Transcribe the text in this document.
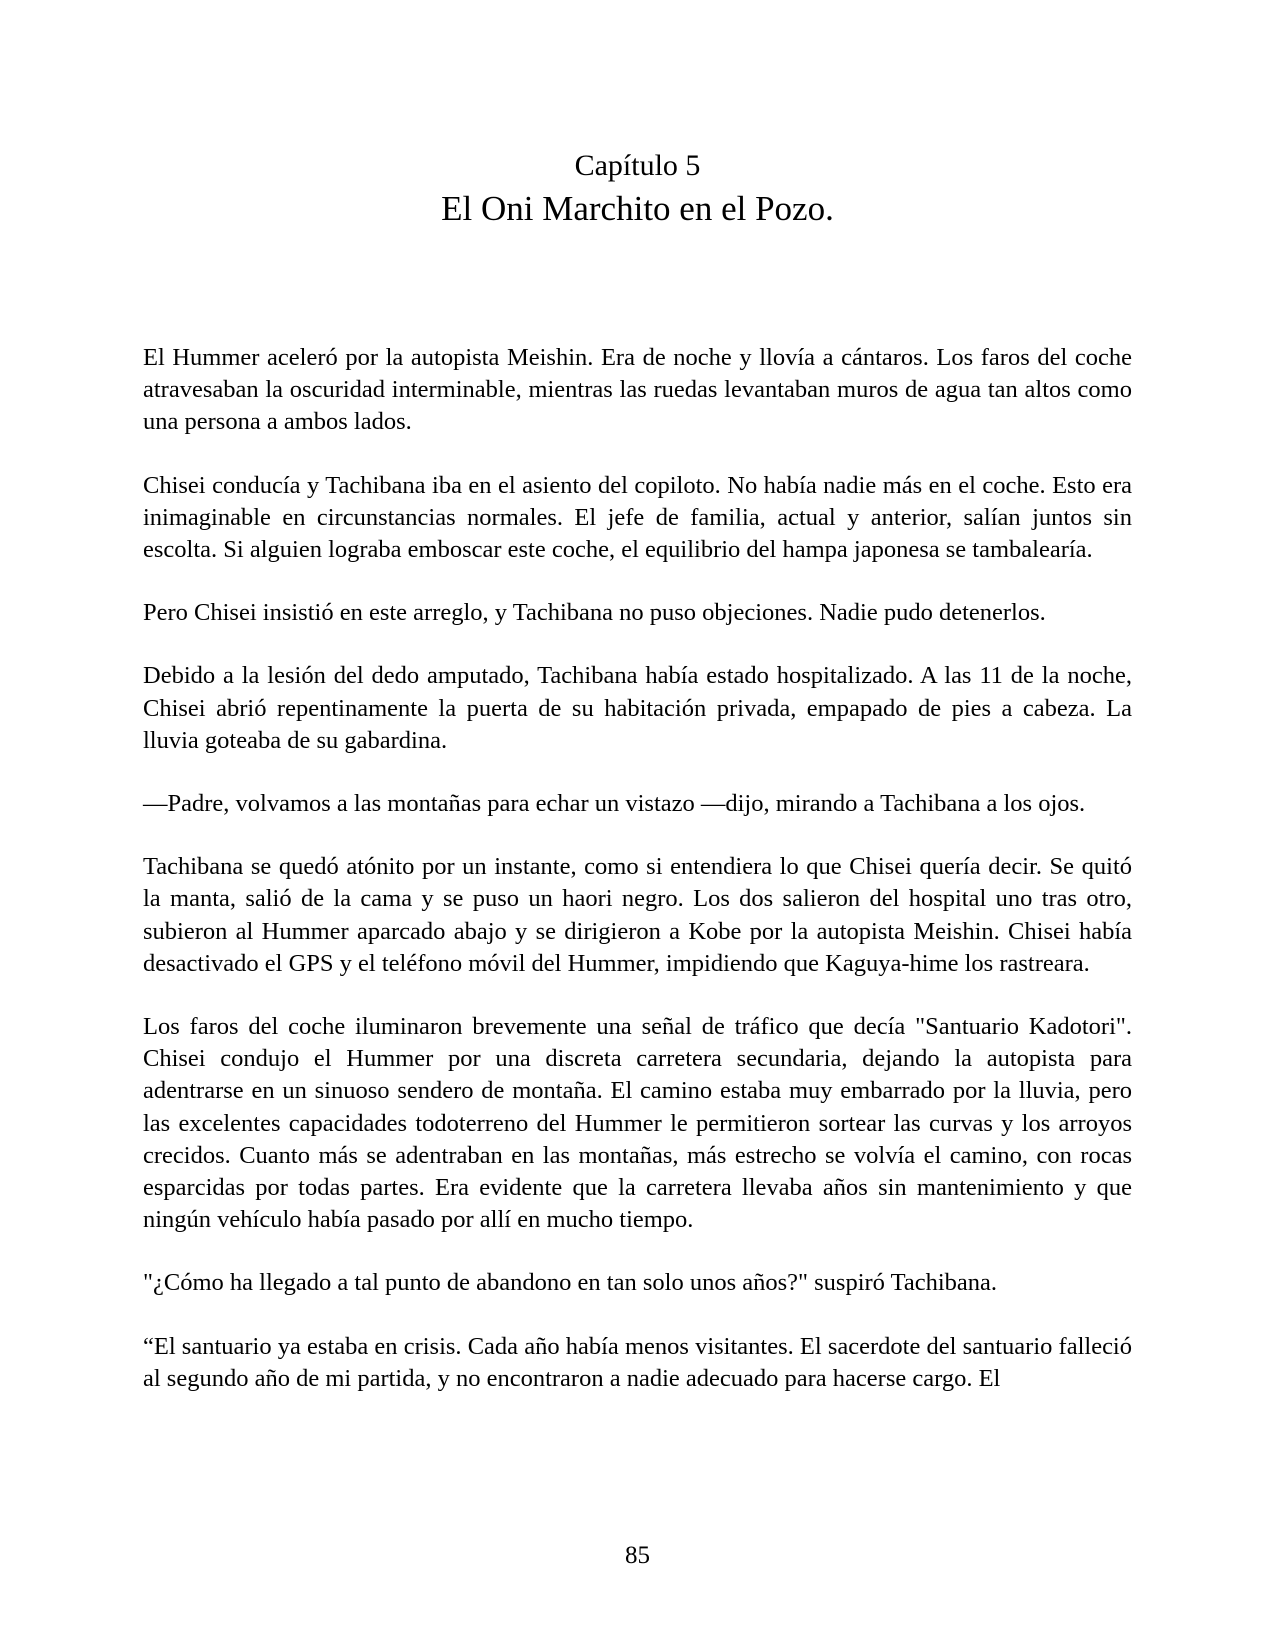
Capítulo 5
El Oni Marchito en el Pozo.

El Hummer aceleró por la autopista Meishin. Era de noche y llovía a cántaros. Los faros del coche atravesaban la oscuridad interminable, mientras las ruedas levantaban muros de agua tan altos como una persona a ambos lados.

Chisei conducía y Tachibana iba en el asiento del copiloto. No había nadie más en el coche. Esto era inimaginable en circunstancias normales. El jefe de familia, actual y anterior, salían juntos sin escolta. Si alguien lograba emboscar este coche, el equilibrio del hampa japonesa se tambalearía.

Pero Chisei insistió en este arreglo, y Tachibana no puso objeciones. Nadie pudo detenerlos.

Debido a la lesión del dedo amputado, Tachibana había estado hospitalizado. A las 11 de la noche, Chisei abrió repentinamente la puerta de su habitación privada, empapado de pies a cabeza. La lluvia goteaba de su gabardina.

—Padre, volvamos a las montañas para echar un vistazo —dijo, mirando a Tachibana a los ojos.

Tachibana se quedó atónito por un instante, como si entendiera lo que Chisei quería decir. Se quitó la manta, salió de la cama y se puso un haori negro. Los dos salieron del hospital uno tras otro, subieron al Hummer aparcado abajo y se dirigieron a Kobe por la autopista Meishin. Chisei había desactivado el GPS y el teléfono móvil del Hummer, impidiendo que Kaguya-hime los rastreara.

Los faros del coche iluminaron brevemente una señal de tráfico que decía "Santuario Kadotori". Chisei condujo el Hummer por una discreta carretera secundaria, dejando la autopista para adentrarse en un sinuoso sendero de montaña. El camino estaba muy embarrado por la lluvia, pero las excelentes capacidades todoterreno del Hummer le permitieron sortear las curvas y los arroyos crecidos. Cuanto más se adentraban en las montañas, más estrecho se volvía el camino, con rocas esparcidas por todas partes. Era evidente que la carretera llevaba años sin mantenimiento y que ningún vehículo había pasado por allí en mucho tiempo.

"¿Cómo ha llegado a tal punto de abandono en tan solo unos años?" suspiró Tachibana.

“El santuario ya estaba en crisis. Cada año había menos visitantes. El sacerdote del santuario falleció al segundo año de mi partida, y no encontraron a nadie adecuado para hacerse cargo. El

85
